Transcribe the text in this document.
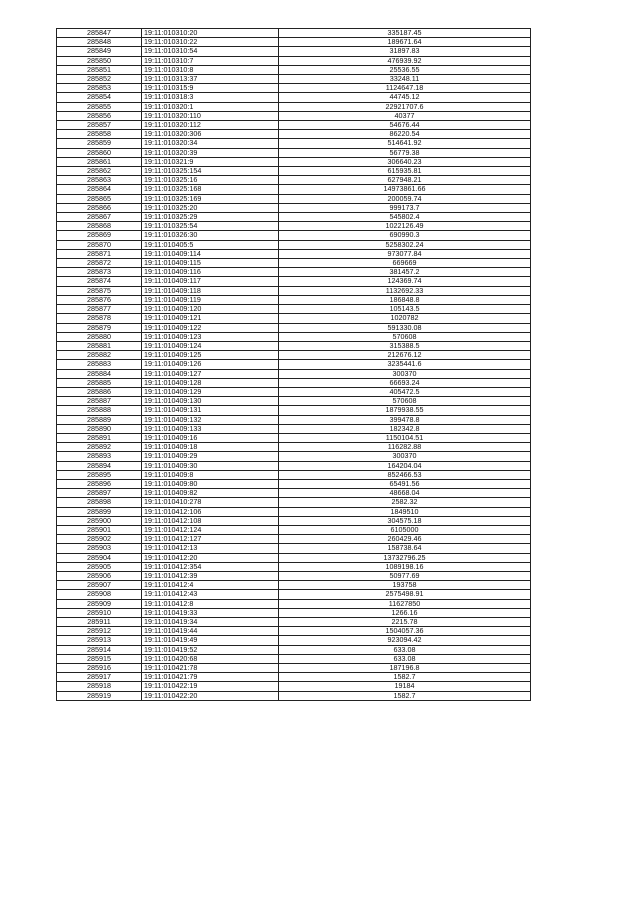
285847	19:11:010310:20	335187.45
285848	19:11:010310:22	189671.64
285849	19:11:010310:54	31897.83
285850	19:11:010310:7	476939.92
285851	19:11:010310:8	25536.55
285852	19:11:010313:37	33248.11
285853	19:11:010315:9	1124647.18
285854	19:11:010318:3	44745.12
285855	19:11:010320:1	22921707.6
285856	19:11:010320:110	40377
285857	19:11:010320:112	54676.44
285858	19:11:010320:306	86220.54
285859	19:11:010320:34	514641.92
285860	19:11:010320:39	56779.38
285861	19:11:010321:9	306640.23
285862	19:11:010325:154	615935.81
285863	19:11:010325:16	627948.21
285864	19:11:010325:168	14973861.66
285865	19:11:010325:169	200059.74
285866	19:11:010325:20	999173.7
285867	19:11:010325:29	545802.4
285868	19:11:010325:54	1022126.49
285869	19:11:010326:30	690990.3
285870	19:11:010405:5	5258302.24
285871	19:11:010409:114	973077.84
285872	19:11:010409:115	669669
285873	19:11:010409:116	381457.2
285874	19:11:010409:117	124369.74
285875	19:11:010409:118	1132692.33
285876	19:11:010409:119	186848.8
285877	19:11:010409:120	105143.5
285878	19:11:010409:121	1020782
285879	19:11:010409:122	591330.08
285880	19:11:010409:123	570608
285881	19:11:010409:124	315388.5
285882	19:11:010409:125	212676.12
285883	19:11:010409:126	3235441.6
285884	19:11:010409:127	300370
285885	19:11:010409:128	66693.24
285886	19:11:010409:129	405472.5
285887	19:11:010409:130	570608
285888	19:11:010409:131	1879938.55
285889	19:11:010409:132	399478.8
285890	19:11:010409:133	182342.8
285891	19:11:010409:16	1150104.51
285892	19:11:010409:18	116282.88
285893	19:11:010409:29	300370
285894	19:11:010409:30	164204.04
285895	19:11:010409:8	852466.53
285896	19:11:010409:80	65491.56
285897	19:11:010409:82	48668.04
285898	19:11:010410:278	2582.32
285899	19:11:010412:106	1849510
285900	19:11:010412:108	304575.18
285901	19:11:010412:124	6105000
285902	19:11:010412:127	260429.46
285903	19:11:010412:13	158738.64
285904	19:11:010412:20	13732796.25
285905	19:11:010412:354	1089198.16
285906	19:11:010412:39	50977.69
285907	19:11:010412:4	193758
285908	19:11:010412:43	2575498.91
285909	19:11:010412:8	11627850
285910	19:11:010419:33	1266.16
285911	19:11:010419:34	2215.78
285912	19:11:010419:44	1504057.36
285913	19:11:010419:49	923094.42
285914	19:11:010419:52	633.08
285915	19:11:010420:68	633.08
285916	19:11:010421:78	187196.8
285917	19:11:010421:79	1582.7
285918	19:11:010422:19	19184
285919	19:11:010422:20	1582.7
